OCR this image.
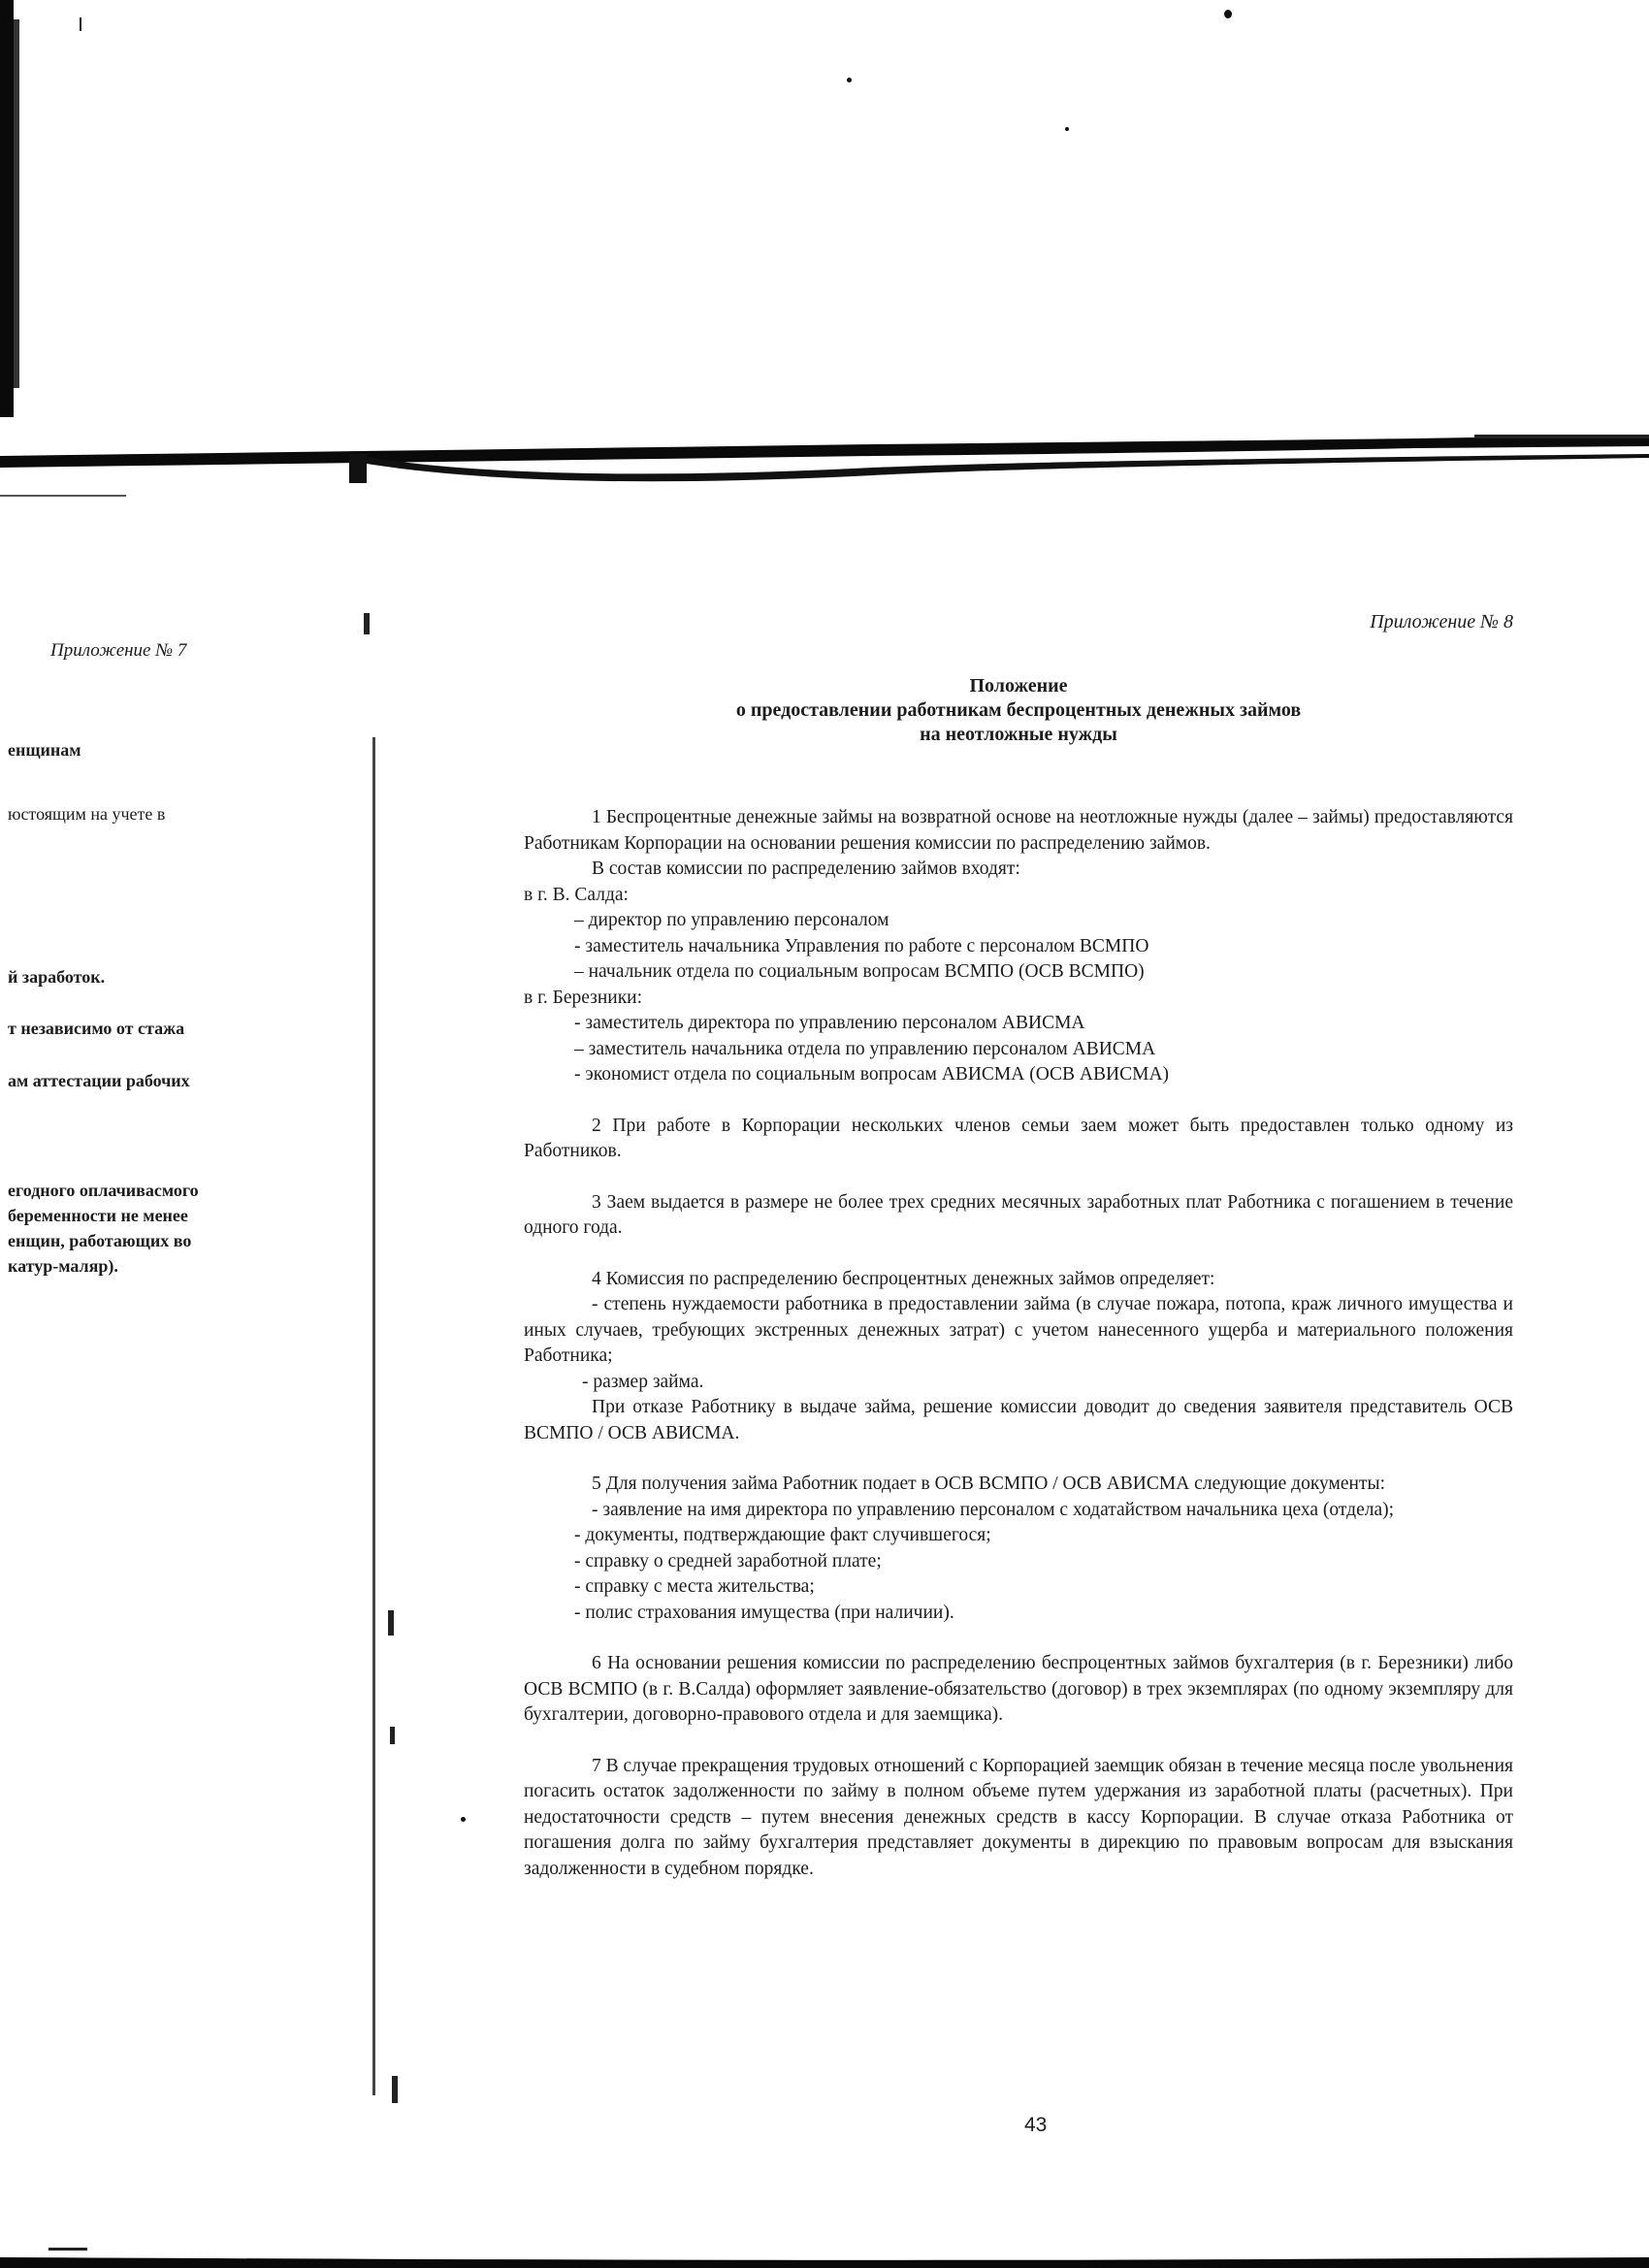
Приложение № 7
енщинам
юстоящим на учете в
й заработок.
т независимо от стажа
ам аттестации рабочих
егодного оплачивасмого
беременности не менее
енщин, работающих во
катур-маляр).
Приложение № 8
Положение
о предоставлении работникам беспроцентных денежных займов
на неотложные нужды

1 Беспроцентные денежные займы на возвратной основе на неотложные нужды (далее – займы) предоставляются Работникам Корпорации на основании решения комиссии по распределению займов.

В состав комиссии по распределению займов входят:

в г. В. Салда:

– директор по управлению персоналом

- заместитель начальника Управления по работе с персоналом ВСМПО

– начальник отдела по социальным вопросам ВСМПО (ОСВ ВСМПО)

в г. Березники:

- заместитель директора по управлению персоналом АВИСМА

– заместитель начальника отдела по управлению персоналом АВИСМА

- экономист отдела по социальным вопросам АВИСМА (ОСВ АВИСМА)

2 При работе в Корпорации нескольких членов семьи заем может быть предоставлен только одному из Работников.

3 Заем выдается в размере не более трех средних месячных заработных плат Работника с погашением в течение одного года.

4 Комиссия по распределению беспроцентных денежных займов определяет:

- степень нуждаемости работника в предоставлении займа (в случае пожара, потопа, краж личного имущества и иных случаев, требующих экстренных денежных затрат) с учетом нанесенного ущерба и материального положения Работника;

- размер займа.

При отказе Работнику в выдаче займа, решение комиссии доводит до сведения заявителя представитель ОСВ ВСМПО / ОСВ АВИСМА.

5 Для получения займа Работник подает в ОСВ ВСМПО / ОСВ АВИСМА следующие документы:

- заявление на имя директора по управлению персоналом с ходатайством начальника цеха (отдела);

- документы, подтверждающие факт случившегося;

- справку о средней заработной плате;

- справку с места жительства;

- полис страхования имущества (при наличии).

6 На основании решения комиссии по распределению беспроцентных займов бухгалтерия (в г. Березники) либо ОСВ ВСМПО (в г. В.Салда) оформляет заявление-обязательство (договор) в трех экземплярах (по одному экземпляру для бухгалтерии, договорно-правового отдела и для заемщика).

7 В случае прекращения трудовых отношений с Корпорацией заемщик обязан в течение месяца после увольнения погасить остаток задолженности по займу в полном объеме путем удержания из заработной платы (расчетных). При недостаточности средств – путем внесения денежных средств в кассу Корпорации. В случае отказа Работника от погашения долга по займу бухгалтерия представляет документы в дирекцию по правовым вопросам для взыскания задолженности в судебном порядке.

43
